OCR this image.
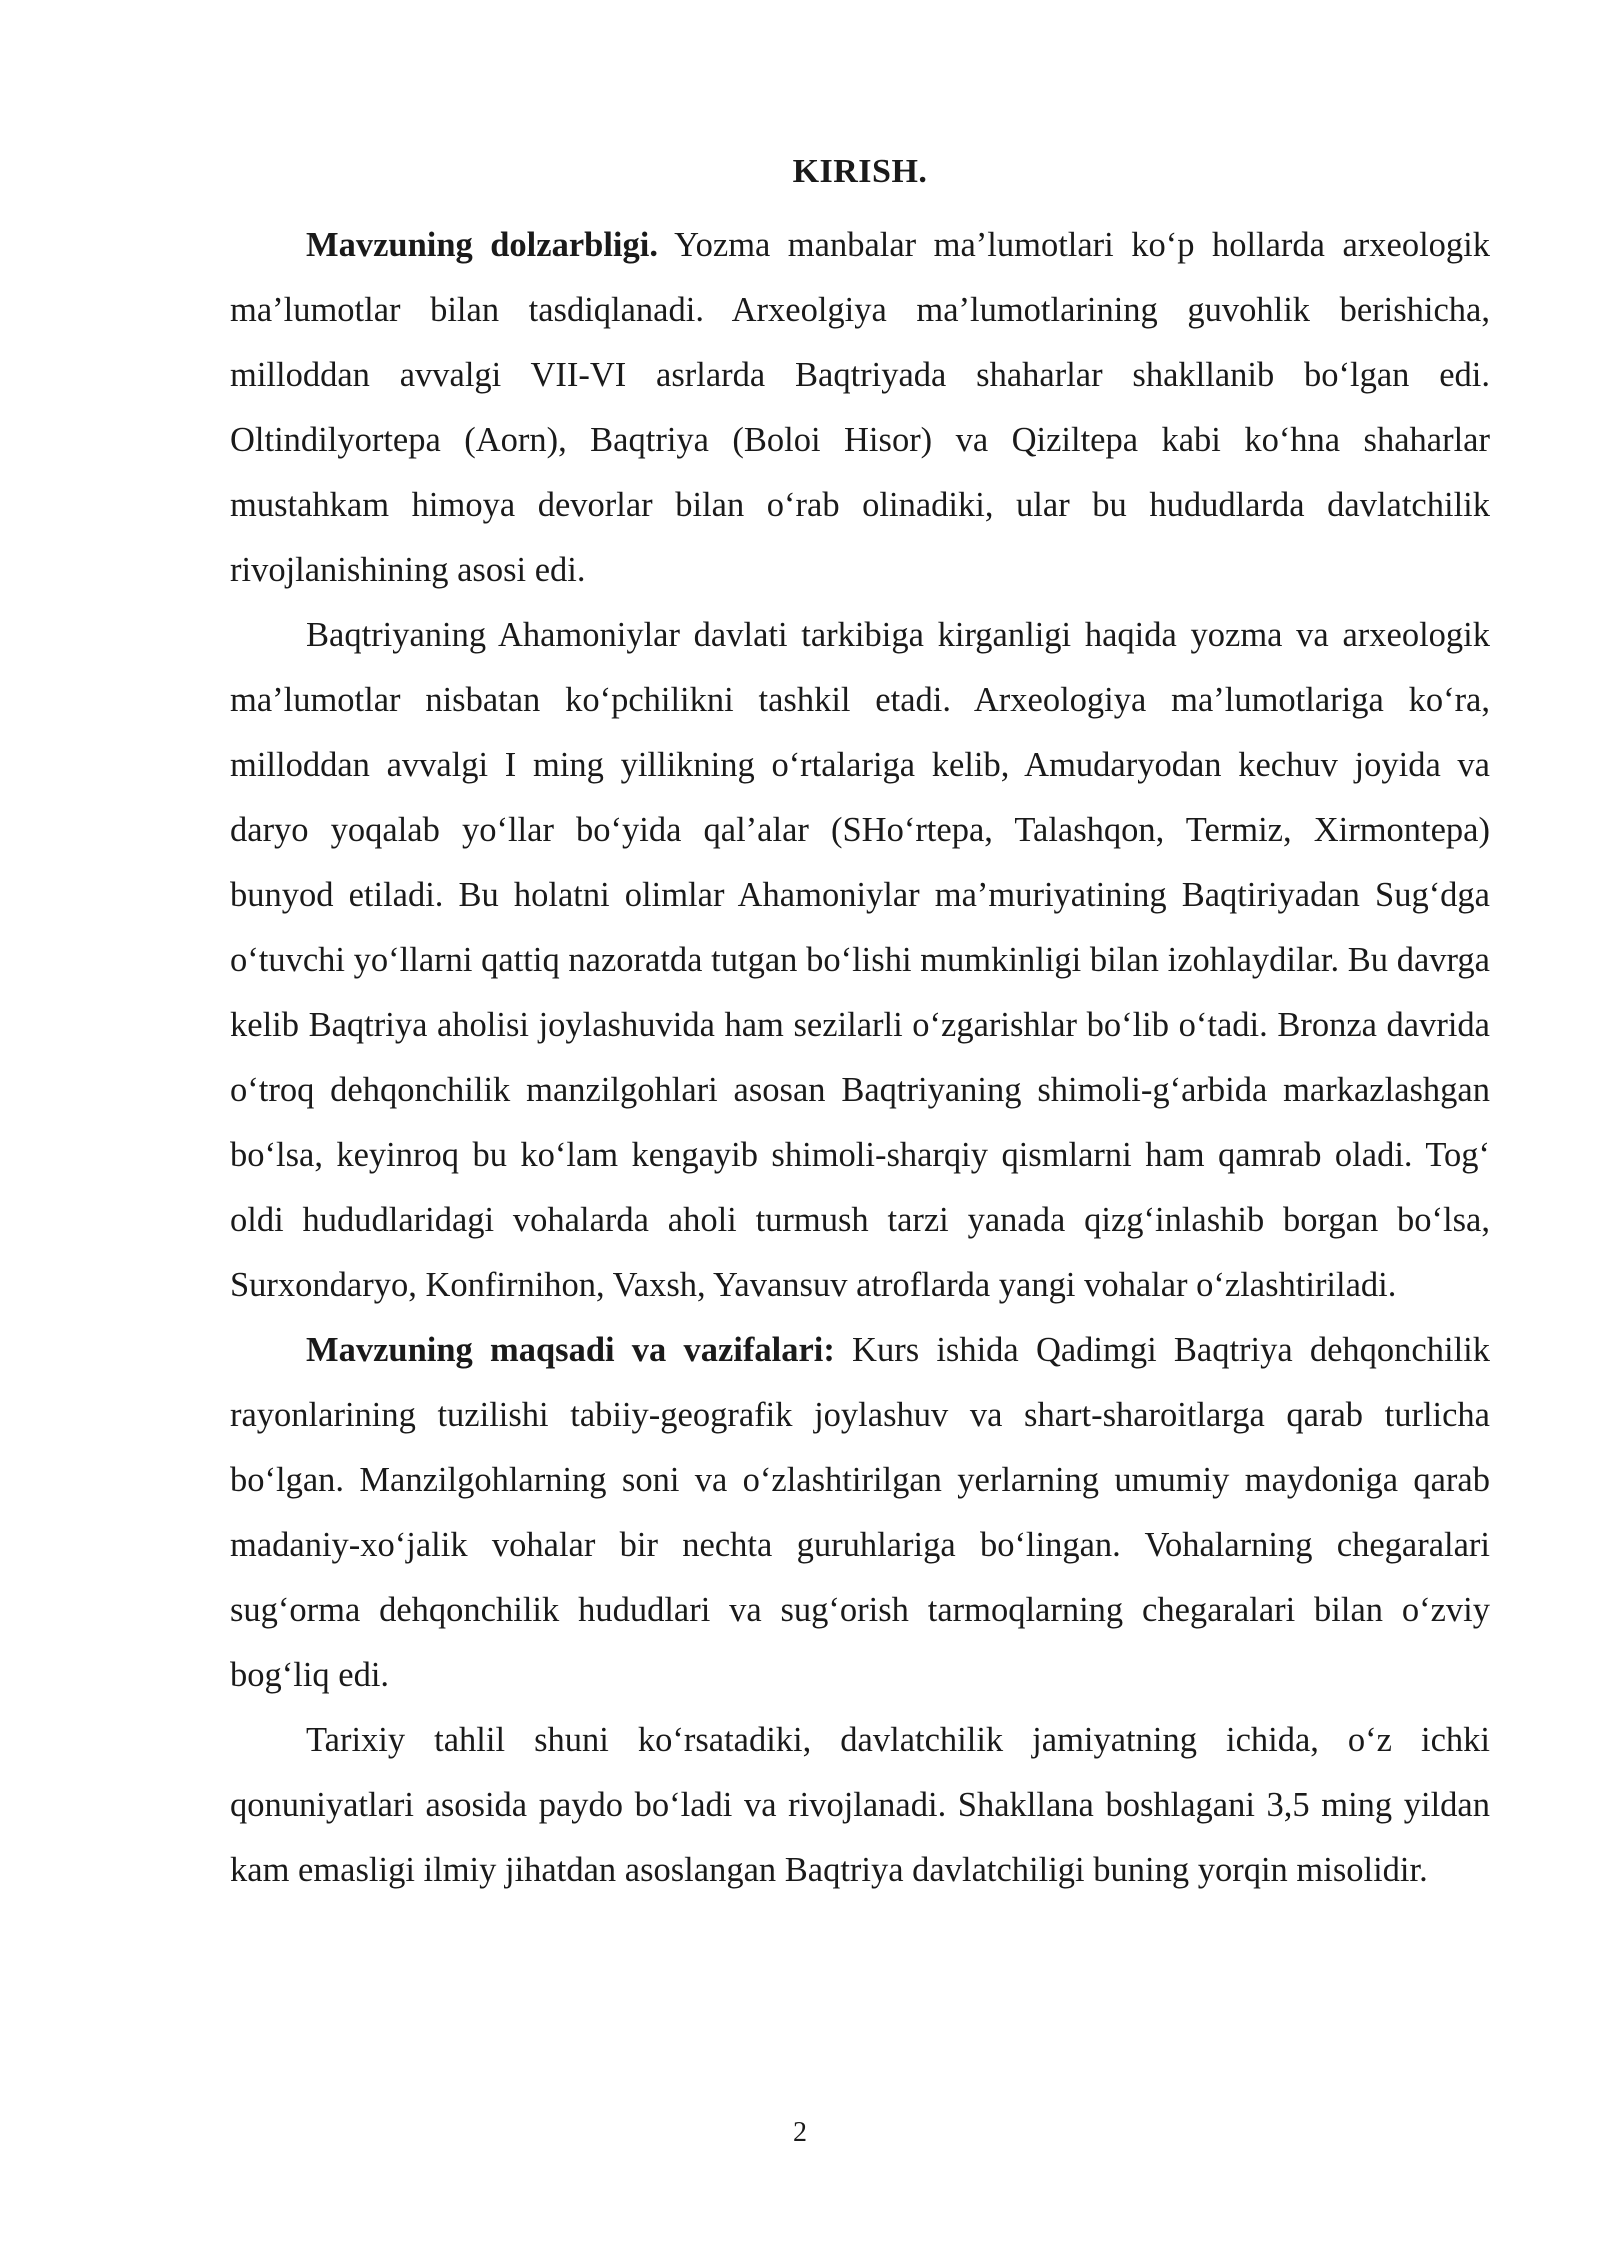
KIRISH.

Mavzuning dolzarbligi. Yozma manbalar ma’lumotlari ko‘p hollarda arxeologik ma’lumotlar bilan tasdiqlanadi. Arxeolgiya ma’lumotlarining guvohlik berishicha, milloddan avvalgi VII-VI asrlarda Baqtriyada shaharlar shakllanib bo‘lgan edi. Oltindilyortepa (Aorn), Baqtriya (Boloi Hisor) va Qiziltepa kabi ko‘hna shaharlar mustahkam himoya devorlar bilan o‘rab olinadiki, ular bu hududlarda davlatchilik rivojlanishining asosi edi.

Baqtriyaning Ahamoniylar davlati tarkibiga kirganligi haqida yozma va arxeologik ma’lumotlar nisbatan ko‘pchilikni tashkil etadi. Arxeologiya ma’lumotlariga ko‘ra, milloddan avvalgi I ming yillikning o‘rtalariga kelib, Amudaryodan kechuv joyida va daryo yoqalab yo‘llar bo‘yida qal’alar (SHo‘rtepa, Talashqon, Termiz, Xirmontepa) bunyod etiladi. Bu holatni olimlar Ahamoniylar ma’muriyatining Baqtiriyadan Sug‘dga o‘tuvchi yo‘llarni qattiq nazoratda tutgan bo‘lishi mumkinligi bilan izohlaydilar. Bu davrga kelib Baqtriya aholisi joylashuvida ham sezilarli o‘zgarishlar bo‘lib o‘tadi. Bronza davrida o‘troq dehqonchilik manzilgohlari asosan Baqtriyaning shimoli-g‘arbida markazlashgan bo‘lsa, keyinroq bu ko‘lam kengayib shimoli-sharqiy qismlarni ham qamrab oladi. Tog‘ oldi hududlaridagi vohalarda aholi turmush tarzi yanada qizg‘inlashib borgan bo‘lsa, Surxondaryo, Konfirnihon, Vaxsh, Yavansuv atroflarda yangi vohalar o‘zlashtiriladi.

Mavzuning maqsadi va vazifalari: Kurs ishida Qadimgi Baqtriya dehqonchilik rayonlarining tuzilishi tabiiy-geografik joylashuv va shart-sharoitlarga qarab turlicha bo‘lgan. Manzilgohlarning soni va o‘zlashtirilgan yerlarning umumiy maydoniga qarab madaniy-xo‘jalik vohalar bir nechta guruhlariga bo‘lingan. Vohalarning chegaralari sug‘orma dehqonchilik hududlari va sug‘orish tarmoqlarning chegaralari bilan o‘zviy bog‘liq edi.

Tarixiy tahlil shuni ko‘rsatadiki, davlatchilik jamiyatning ichida, o‘z ichki qonuniyatlari asosida paydo bo‘ladi va rivojlanadi. Shakllana boshlagani 3,5 ming yildan kam emasligi ilmiy jihatdan asoslangan Baqtriya davlatchiligi buning yorqin misolidir.

2
